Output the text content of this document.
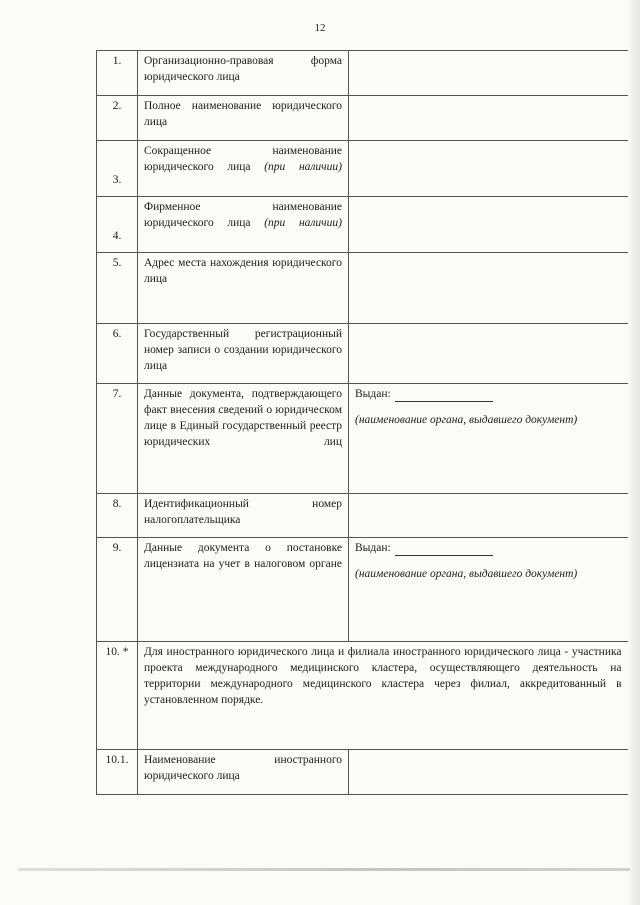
12
1.	Организационно-правовая форма юридического лица	
2.	Полное наименование юридического лица	
3.	Сокращенное наименование юридического лица (при наличии)	
4.	Фирменное наименование юридического лица (при наличии)	
5.	Адрес места нахождения юридического лица	
6.	Государственный регистрационный номер записи о создании юридического лица	
7.	Данные документа, подтверждающего факт внесения сведений о юридическом лице в Единый государственный реестр юридических лиц	Выдан:
(наименование органа, выдавшего документ)

8.	Идентификационный номер налогоплательщика	
9.	Данные документа о постановке лицензиата на учет в налоговом органе	Выдан:
(наименование органа, выдавшего документ)

10. *	Для иностранного юридического лица и филиала иностранного юридического лица - участника проекта международного медицинского кластера, осуществляющего деятельность на территории международного медицинского кластера через филиал, аккредитованный в установленном порядке.	
10.1.	Наименование иностранного юридического лица	
